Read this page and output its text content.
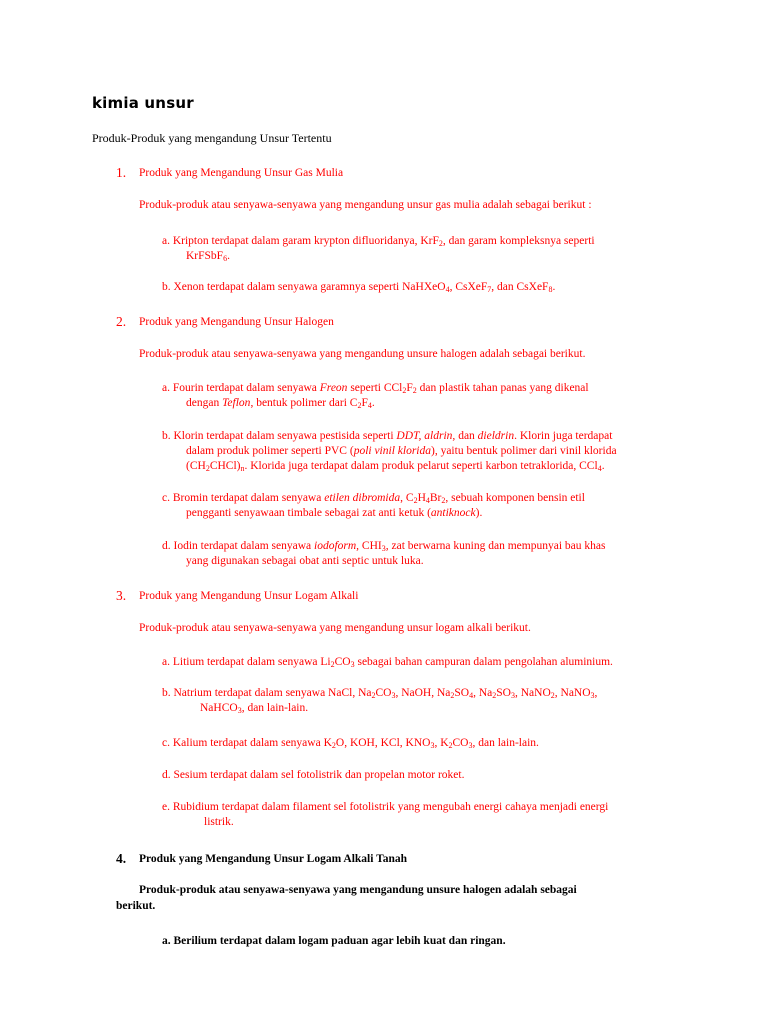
kimia unsur
Produk-Produk yang mengandung Unsur Tertentu
1. Produk yang Mengandung Unsur Gas Mulia
Produk-produk atau senyawa-senyawa yang mengandung unsur gas mulia adalah sebagai berikut :
a. Kripton terdapat dalam garam krypton difluoridanya, KrF$_2$, dan garam kompleksnya seperti
KrFSbF$_6$.
b. Xenon terdapat dalam senyawa garamnya seperti NaHXeO$_4$, CsXeF$_7$, dan CsXeF$_8$.
2. Produk yang Mengandung Unsur Halogen
Produk-produk atau senyawa-senyawa yang mengandung unsure halogen adalah sebagai berikut.
a. Fourin terdapat dalam senyawa Freon seperti $CCl_2F_2$ dan plastik tahan panas yang dikenal
dengan Teflon, bentuk polimer dari $C_2F_4$.
b. Klorin terdapat dalam senyawa pestisida seperti DDT, aldrin, dan dieldrin. Klorin juga terdapat
dalam produk polimer seperti PVC (poli vinil klorida), yaitu bentuk polimer dari vinil klorida
$(CH_2CHCl)_n$. Klorida juga terdapat dalam produk pelarut seperti karbon tetraklorida, CCl$_4$.
c. Bromin terdapat dalam senyawa etilen dibromida, $C_2H_4Br_2$, sebuah komponen bensin etil
pengganti senyawaan timbale sebagai zat anti ketuk (antiknock).
d. Iodin terdapat dalam senyawa iodoform, $CHI_3$, zat berwarna kuning dan mempunyai bau khas
yang digunakan sebagai obat anti septic untuk luka.
3. Produk yang Mengandung Unsur Logam Alkali
Produk-produk atau senyawa-senyawa yang mengandung unsur logam alkali berikut.
a. Litium terdapat dalam senyawa $Li_2CO_3$ sebagai bahan campuran dalam pengolahan aluminium.
b. Natrium terdapat dalam senyawa NaCl, $Na_2CO_3$, NaOH, $Na_2SO_4$, $Na_2SO_3$, NaNO$_2$, NaNO$_3$,
NaHCO$_3$, dan lain-lain.
c. Kalium terdapat dalam senyawa $K_2O$, KOH, KCl, $KNO_3$, $K_2CO_3$, dan lain-lain.
d. Sesium terdapat dalam sel fotolistrik dan propelan motor roket.
e. Rubidium terdapat dalam filament sel fotolistrik yang mengubah energi cahaya menjadi energi
listrik.
4. Produk yang Mengandung Unsur Logam Alkali Tanah
Produk-produk atau senyawa-senyawa yang mengandung unsure halogen adalah sebagai
berikut.
a. Berilium terdapat dalam logam paduan agar lebih kuat dan ringan.
